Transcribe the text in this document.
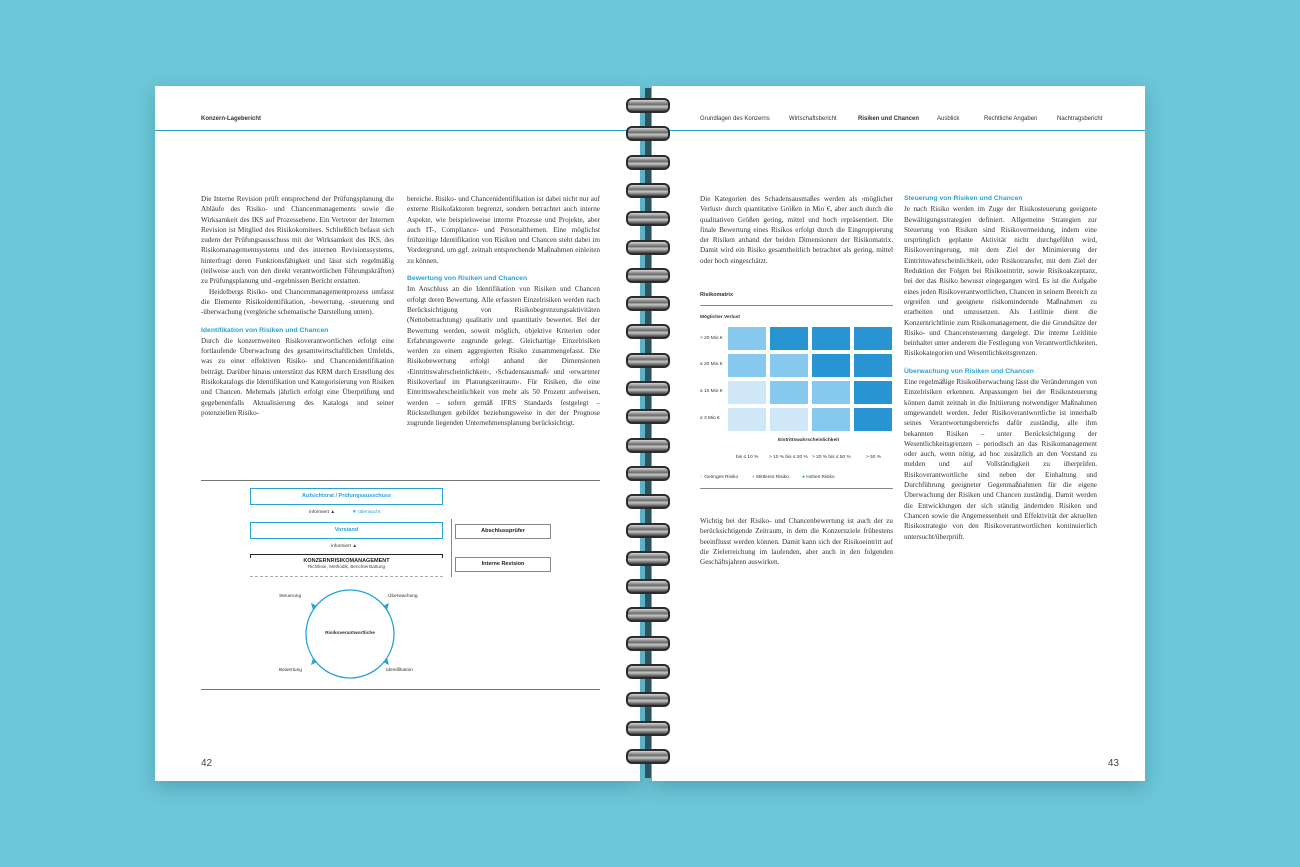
Konzern-Lagebericht

Die Interne Revision prüft entsprechend der Prüfungsplanung die Abläufe des Risiko- und Chancenmanagements sowie die Wirksamkeit des IKS auf Prozessebene. Ein Vertreter der Internen Revision ist Mitglied des Risikokomitees. Schließlich befasst sich zudem der Prüfungsausschuss mit der Wirksamkeit des IKS, des Risikomanagementsystems und des internen Revisionssystems, hinterfragt deren Funktionsfähigkeit und lässt sich regelmäßig (teilweise auch von den direkt verantwortlichen Führungskräften) zu Prüfungsplanung und -ergebnissen Bericht erstatten.

Heidelbergs Risiko- und Chancenmanagementprozess umfasst die Elemente Risikoidentifikation, -bewertung, -steuerung und -überwachung (vergleiche schematische Darstellung unten).

Identifikation von Risiken und Chancen

Durch die konzernweiten Risikoverantwortlichen erfolgt eine fortlaufende Überwachung des gesamtwirtschaftlichen Umfelds, was zu einer effektiven Risiko- und Chancenidentifikation beiträgt. Darüber hinaus unterstützt das KRM durch Erstellung des Risikokatalogs die Identifikation und Kategorisierung von Risiken und Chancen. Mehrmals jährlich erfolgt eine Überprüfung und gegebenenfalls Aktualisierung des Katalogs und seiner potenziellen Risiko-

bereiche. Risiko- und Chancenidentifikation ist dabei nicht nur auf externe Risikofaktoren begrenzt, sondern betrachtet auch interne Aspekte, wie beispielsweise interne Prozesse und Projekte, aber auch IT-, Compliance- und Personalthemen. Eine möglichst frühzeitige Identifikation von Risiken und Chancen steht dabei im Vordergrund, um ggf. zeitnah entsprechende Maßnahmen einleiten zu können.

Bewertung von Risiken und Chancen

Im Anschluss an die Identifikation von Risiken und Chancen erfolgt deren Bewertung. Alle erfassten Einzelrisiken werden nach Berücksichtigung von Risikobegrenzungsaktivitäten (Nettobetrachtung) qualitativ und quantitativ bewertet. Bei der Bewertung werden, soweit möglich, objektive Kriterien oder Erfahrungswerte zugrunde gelegt. Gleichartige Einzelrisiken werden zu einem aggregierten Risiko zusammengefasst. Die Risikobewertung erfolgt anhand der Dimensionen ›Eintrittswahrscheinlichkeit‹, ›Schadensausmaß‹ und ›erwarteter Risikoverlauf im Planungszeitraum‹. Für Risiken, die eine Eintrittswahrscheinlichkeit von mehr als 50 Prozent aufweisen, werden – sofern gemäß IFRS Standards festgelegt – Rückstellungen gebildet beziehungsweise in der der Prognose zugrunde liegenden Unternehmensplanung berücksichtigt.

Aufsichtsrat / Prüfungsausschuss
informiert ▲	▼ überwacht
Vorstand
informiert ▲
KONZERNRISIKOMANAGEMENT
Richtlinie, Methodik, Berichterstattung
Abschlussprüfer
Interne Revision
Risikoverantwortliche
Steuerung	Überwachung
Bewertung	Identifikation
42
Grundlagen des Konzerns	Wirtschaftsbericht	Risiken und Chancen	Ausblick	Rechtliche Angaben	Nachtragsbericht

Die Kategorien des Schadensausmaßes werden als ›möglicher Verlust‹ durch quantitative Größen in Mio €, aber auch durch die qualitativen Größen gering, mittel und hoch repräsentiert. Die finale Bewertung eines Risikos erfolgt durch die Eingruppierung der Risiken anhand der beiden Dimensionen der Risikomatrix. Damit wird ein Risiko gesamtheitlich betrachtet als gering, mittel oder hoch eingeschätzt.

Risikomatrix
Möglicher Verlust
> 20 Mio €
≤ 20 Mio €
≤ 10 Mio €
≤ 3 Mio €
Eintrittswahrscheinlichkeit
bis ≤ 10 % > 10 % bis ≤ 20 % > 20 % bis ≤ 50 %	> 50 %
● Geringes Risiko	● Mittleres Risiko	● Hohes Risiko

Wichtig bei der Risiko- und Chancenbewertung ist auch der zu berücksichtigende Zeitraum, in dem die Konzernziele frühestens beeinflusst werden können. Damit kann sich der Risikoeintritt auf die Zielerreichung im laufenden, aber auch in den folgenden Geschäftsjahren auswirken.

Steuerung von Risiken und Chancen

Je nach Risiko werden im Zuge der Risikosteuerung geeignete Bewältigungsstrategien definiert. Allgemeine Strategien zur Steuerung von Risiken sind Risikovermeidung, indem eine ursprünglich geplante Aktivität nicht durchgeführt wird, Risikoverringerung, mit dem Ziel der Minimierung der Eintrittswahrscheinlichkeit, oder Risikotransfer, mit dem Ziel der Reduktion der Folgen bei Risikoeintritt, sowie Risikoakzeptanz, bei der das Risiko bewusst eingegangen wird. Es ist die Aufgabe eines jeden Risikoverantwortlichen, Chancen in seinem Bereich zu ergreifen und geeignete risikomindernde Maßnahmen zu erarbeiten und umzusetzen. Als Leitlinie dient die Konzernrichtlinie zum Risikomanagement, die die Grundsätze der Risiko- und Chancensteuerung dargelegt. Die interne Leitlinie beinhaltet unter anderem die Festlegung von Verantwortlichkeiten, Risikokategorien und Wesentlichkeitsgrenzen.

Überwachung von Risiken und Chancen

Eine regelmäßige Risikoüberwachung lässt die Veränderungen von Einzelrisiken erkennen. Anpassungen bei der Risikosteuerung können damit zeitnah in die Initiierung notwendiger Maßnahmen umgewandelt werden. Jeder Risikoverantwortliche ist innerhalb seines Verantwortungsbereichs dafür zuständig, alle ihm bekannten Risiken – unter Berücksichtigung der Wesentlichkeitsgrenzen – periodisch an das Risikomanagement oder auch, wenn nötig, ad hoc zusätzlich an den Vorstand zu melden und auf Vollständigkeit zu überprüfen. Risikoverantwortliche sind neben der Einhaltung und Durchführung geeigneter Gegenmaßnahmen für die eigene Überwachung der Risiken und Chancen zuständig. Damit werden die Entwicklungen der sich ständig ändernden Risiken und Chancen sowie die Angemessenheit und Effektivität der aktuellen Risikostrategie von den Risikoverantwortlichen kontinuierlich untersucht/überprüft.

43
